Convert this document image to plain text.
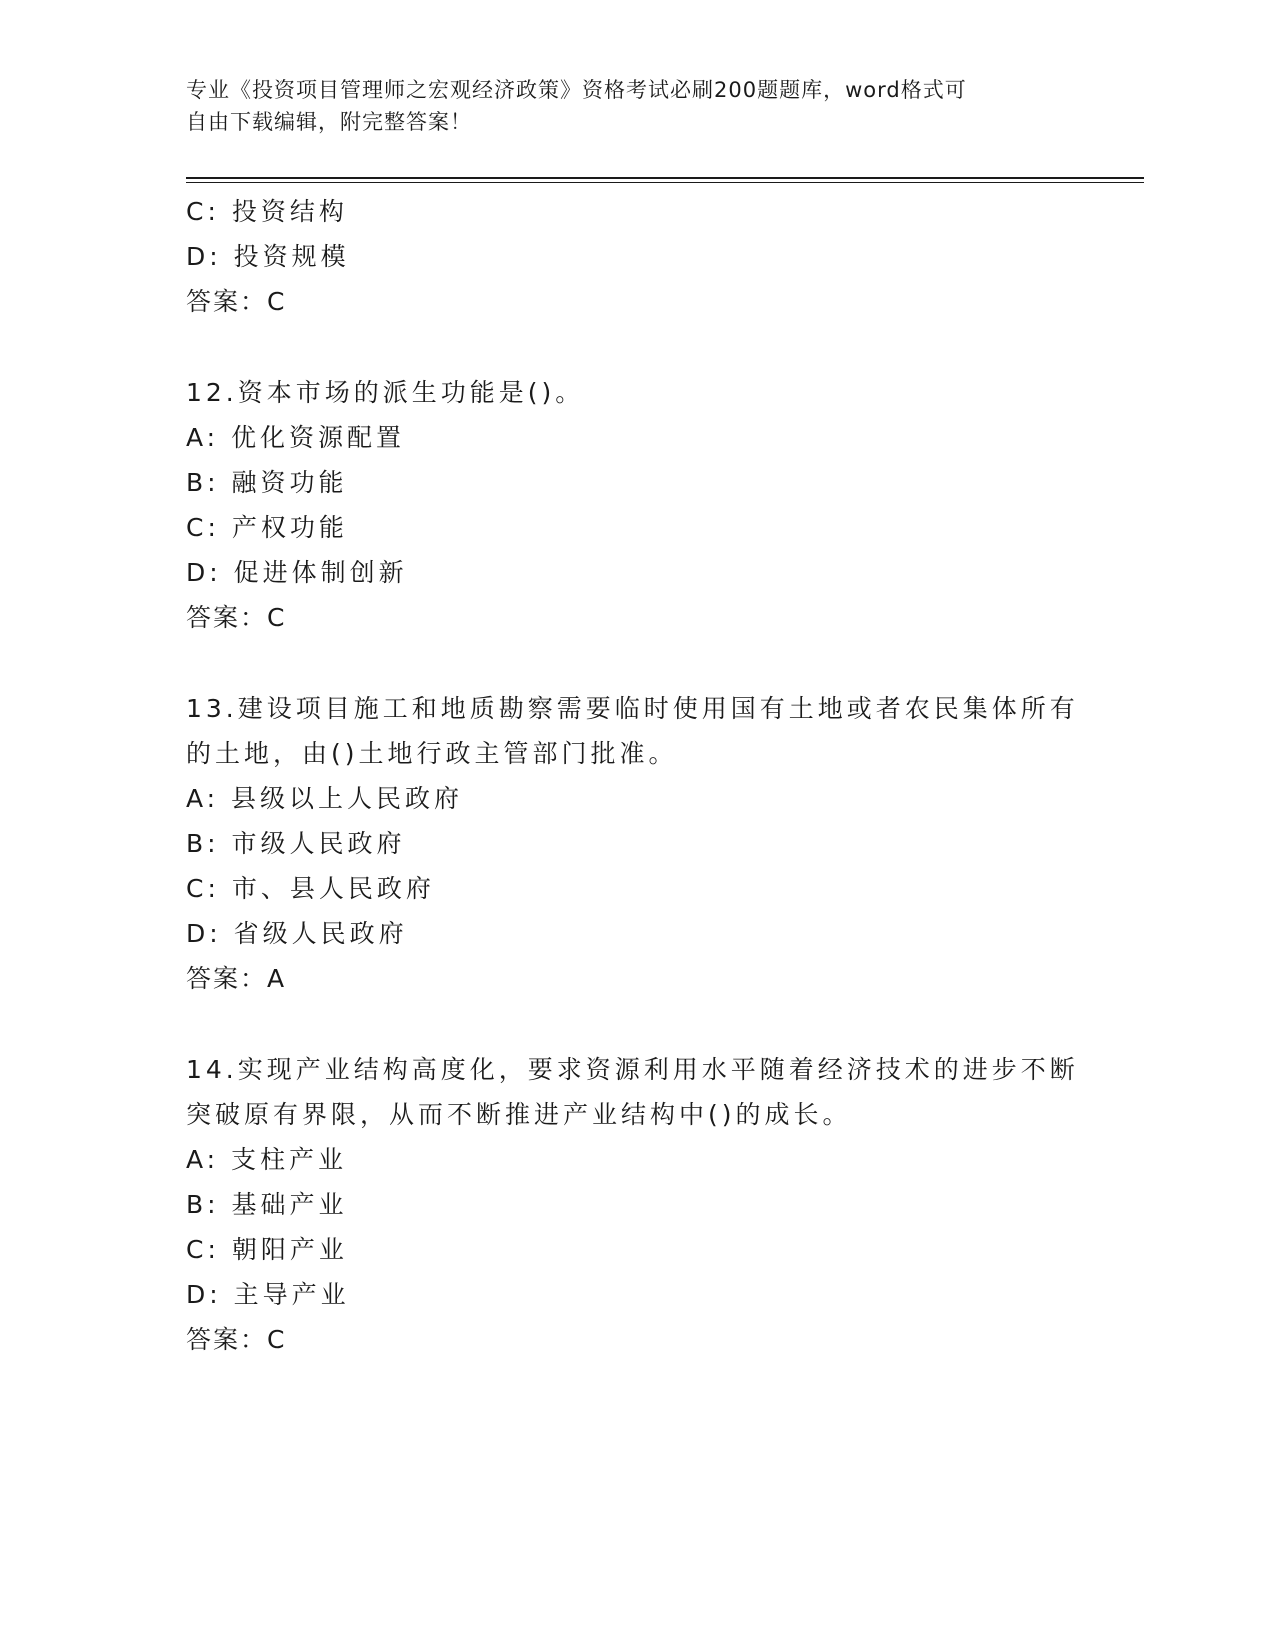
专业《投资项目管理师之宏观经济政策》资格考试必刷200题题库，word格式可
自由下载编辑，附完整答案！

C: 投资结构

D: 投资规模

答案：C

12.资本市场的派生功能是()。

A: 优化资源配置

B: 融资功能

C: 产权功能

D: 促进体制创新

答案：C

13.建设项目施工和地质勘察需要临时使用国有土地或者农民集体所有

的土地，由()土地行政主管部门批准。

A: 县级以上人民政府

B: 市级人民政府

C: 市、县人民政府

D: 省级人民政府

答案：A

14.实现产业结构高度化，要求资源利用水平随着经济技术的进步不断

突破原有界限，从而不断推进产业结构中()的成长。

A: 支柱产业

B: 基础产业

C: 朝阳产业

D: 主导产业

答案：C
